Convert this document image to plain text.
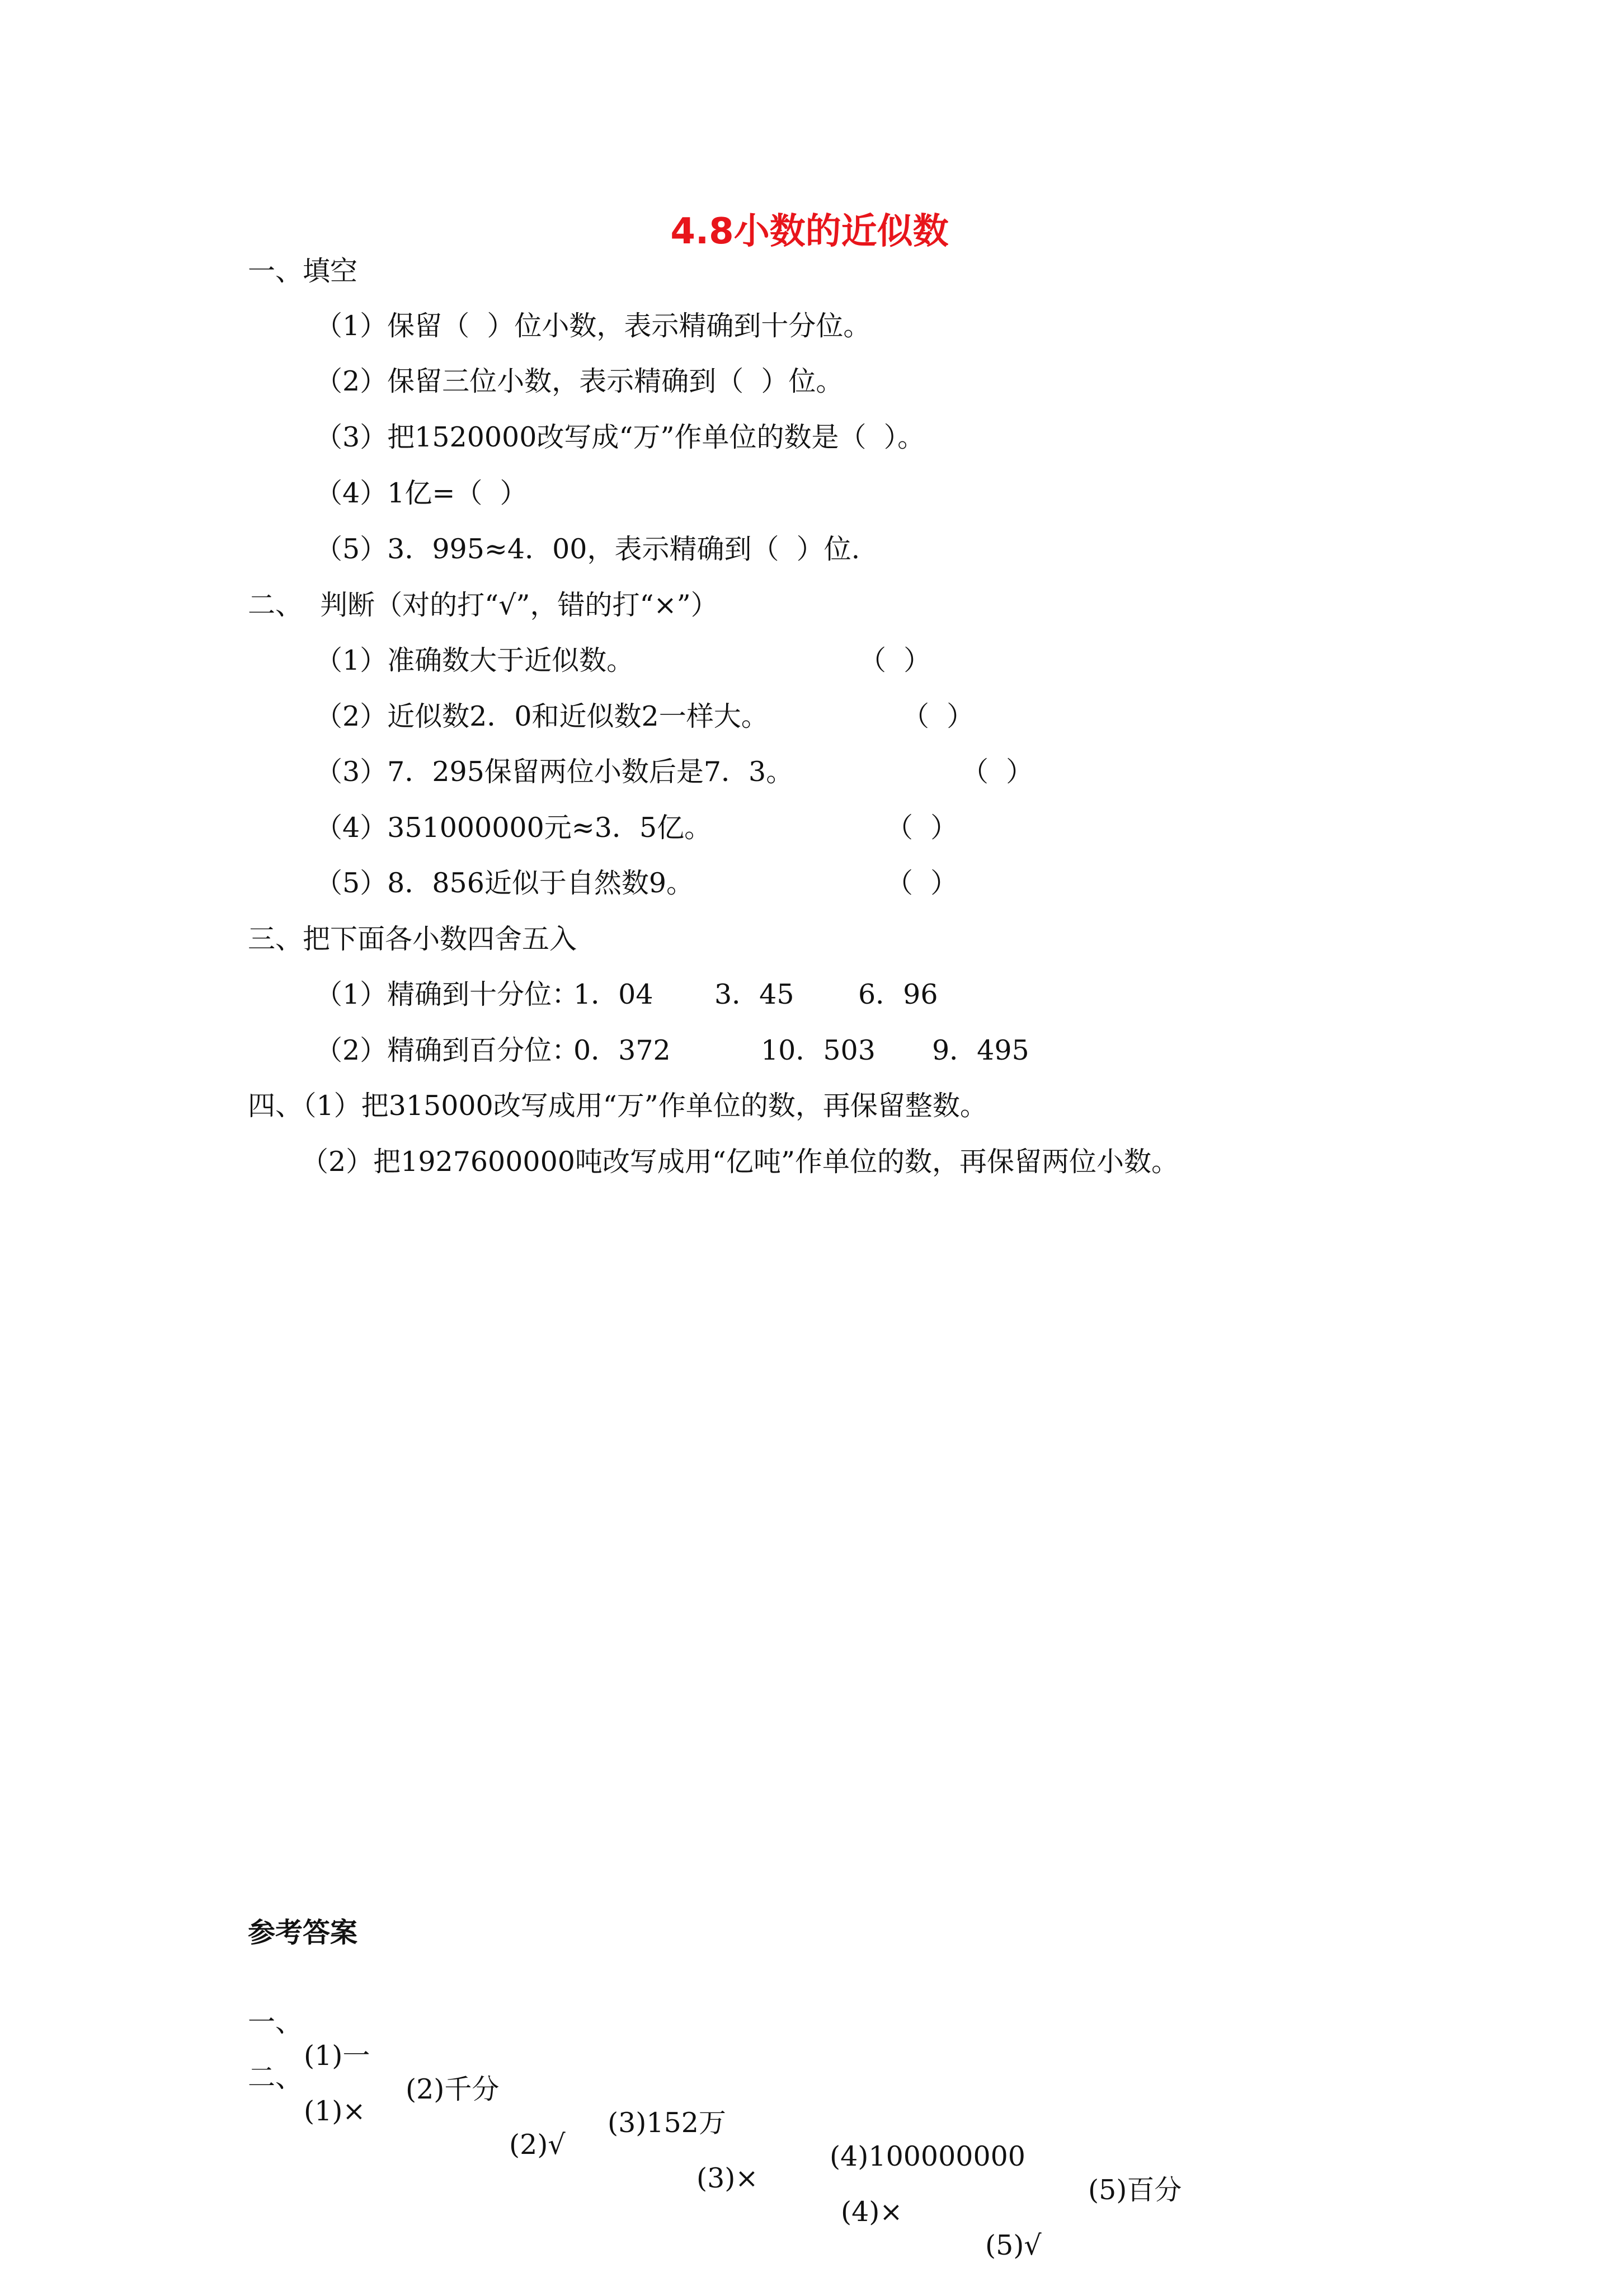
4.8小数的近似数
一、填空
（1）保留（  ）位小数，表示精确到十分位。
（2）保留三位小数，表示精确到（  ）位。
（3）把1520000改写成“万”作单位的数是（  ）。
（4）1亿=（  ）
（5）3．995≈4．00，表示精确到（  ）位.
二、  判断（对的打“√”，错的打“×”）
（1）准确数大于近似数。	（  ）
（2）近似数2．0和近似数2一样大。	（  ）
（3）7．295保留两位小数后是7．3。	（  ）
（4）351000000元≈3．5亿。	（  ）
（5）8．856近似于自然数9。	（  ）
三、把下面各小数四舍五入
（1）精确到十分位：
1．04 3．45 6．96
（2）精确到百分位：
0．372	10．503 9．495
四、（1）把315000改写成用“万”作单位的数，再保留整数。
（2）把1927600000吨改写成用“亿吨”作单位的数，再保留两位小数。
参考答案

一、

(1)一

(2)千分

(3)152万

(4)100000000

(5)百分

二、

(1)×

(2)√

(3)×

(4)×

(5)√
